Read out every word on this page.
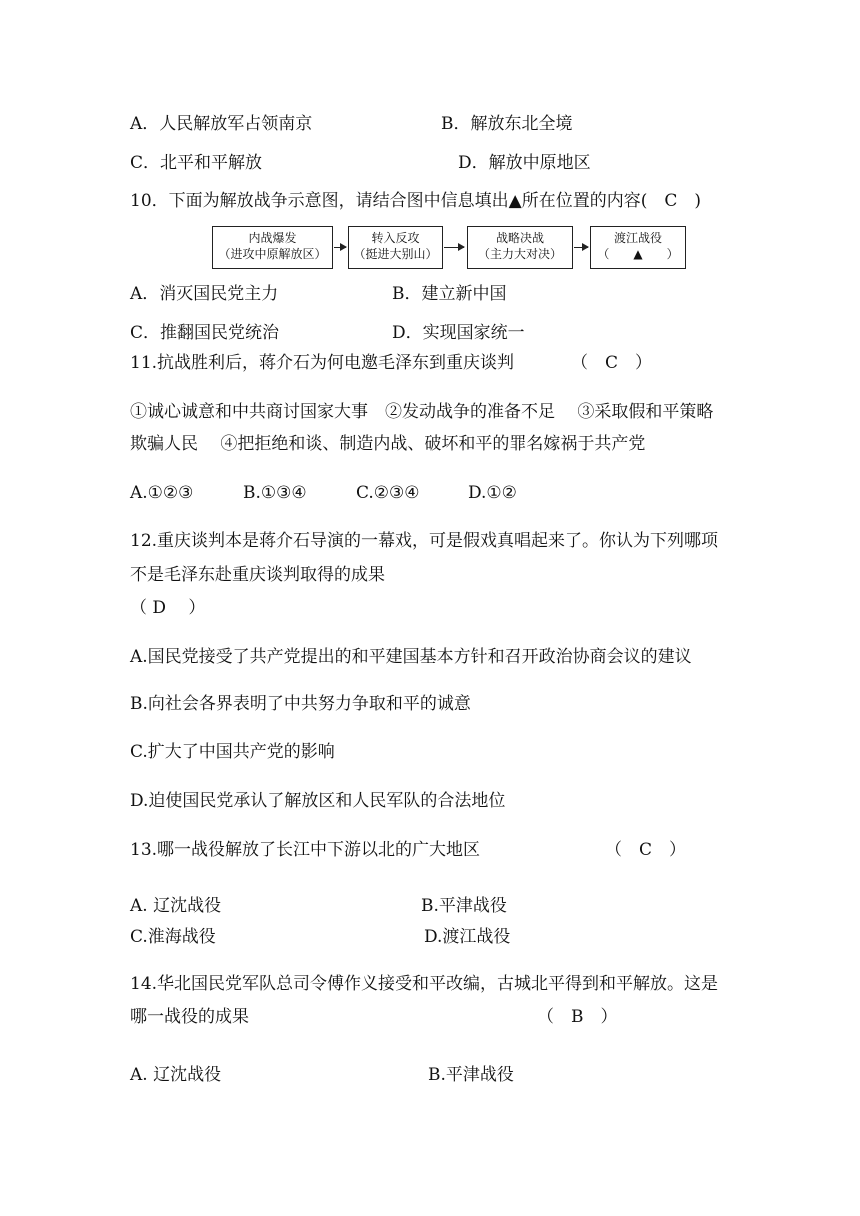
A．人民解放军占领南京	B．解放东北全境
C．北平和平解放	D．解放中原地区
10．下面为解放战争示意图，请结合图中信息填出▲所在位置的内容(　C　)
内战爆发
（进攻中原解放区）
转入反攻
（挺进大别山）
战略决战
（主力大对决）
渡江战役
（　　▲　　）
A．消灭国民党主力	B．建立新中国
C．推翻国民党统治	D．实现国家统一
11.抗战胜利后，蒋介石为何电邀毛泽东到重庆谈判	（　C　）
①诚心诚意和中共商讨国家大事　②发动战争的准备不足　 ③采取假和平策略
欺骗人民　 ④把拒绝和谈、制造内战、破坏和平的罪名嫁祸于共产党
A.①②③	B.①③④	C.②③④	D.①②
12.重庆谈判本是蒋介石导演的一幕戏，可是假戏真唱起来了。你认为下列哪项
不是毛泽东赴重庆谈判取得的成果
（ D　 ）
A.国民党接受了共产党提出的和平建国基本方针和召开政治协商会议的建议
B.向社会各界表明了中共努力争取和平的诚意
C.扩大了中国共产党的影响
D.迫使国民党承认了解放区和人民军队的合法地位
13.哪一战役解放了长江中下游以北的广大地区	（　C　）
A. 辽沈战役	B.平津战役
C.淮海战役	D.渡江战役
14.华北国民党军队总司令傅作义接受和平改编，古城北平得到和平解放。这是
哪一战役的成果	（　B　）
A. 辽沈战役	B.平津战役
